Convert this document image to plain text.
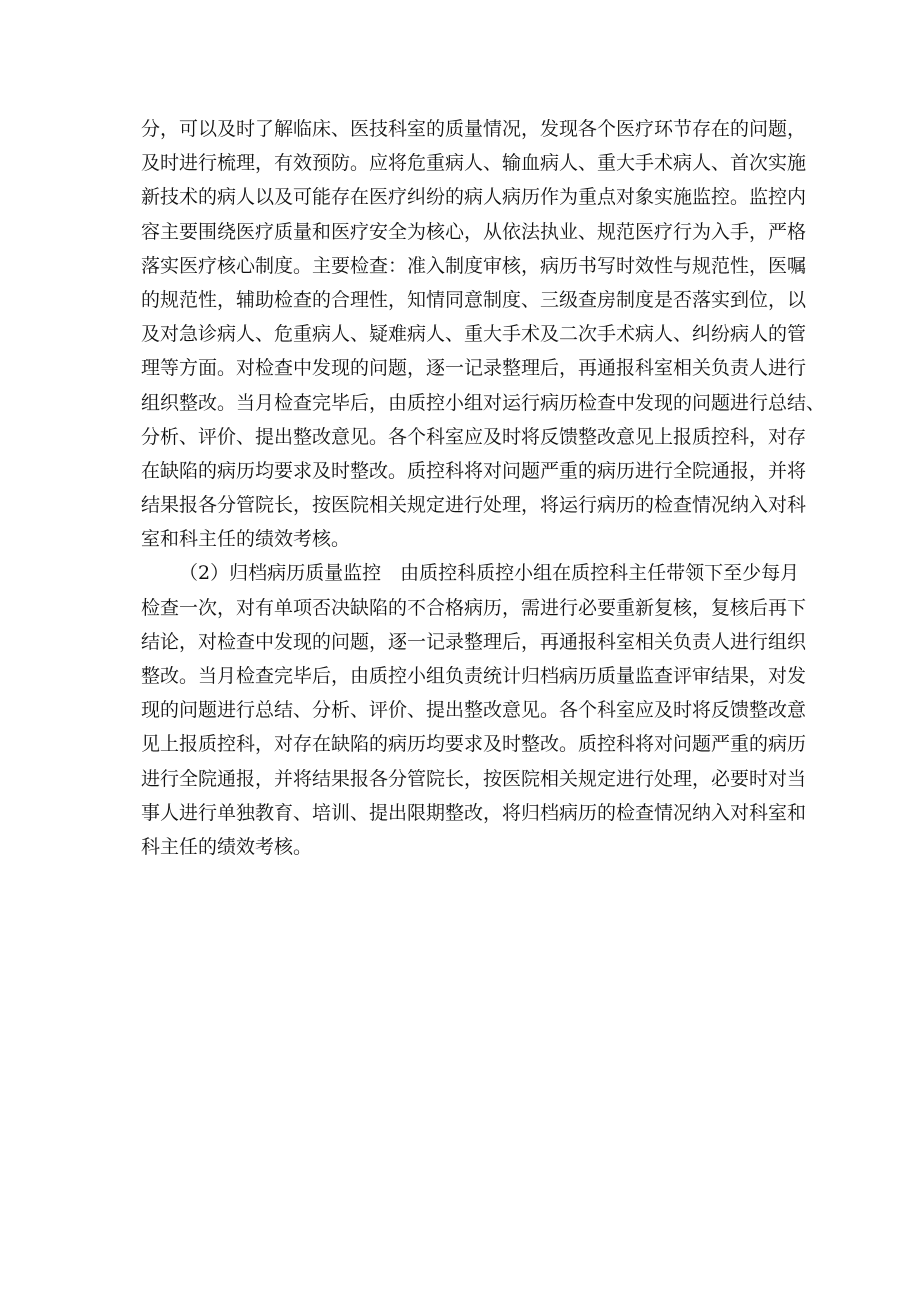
分，可以及时了解临床、医技科室的质量情况，发现各个医疗环节存在的问题，
及时进行梳理，有效预防。应将危重病人、输血病人、重大手术病人、首次实施
新技术的病人以及可能存在医疗纠纷的病人病历作为重点对象实施监控。监控内
容主要围绕医疗质量和医疗安全为核心，从依法执业、规范医疗行为入手，严格
落实医疗核心制度。主要检查：准入制度审核，病历书写时效性与规范性，医嘱
的规范性，辅助检查的合理性，知情同意制度、三级查房制度是否落实到位，以
及对急诊病人、危重病人、疑难病人、重大手术及二次手术病人、纠纷病人的管
理等方面。对检查中发现的问题，逐一记录整理后，再通报科室相关负责人进行
组织整改。当月检查完毕后，由质控小组对运行病历检查中发现的问题进行总结、
分析、评价、提出整改意见。各个科室应及时将反馈整改意见上报质控科，对存
在缺陷的病历均要求及时整改。质控科将对问题严重的病历进行全院通报，并将
结果报各分管院长，按医院相关规定进行处理，将运行病历的检查情况纳入对科
室和科主任的绩效考核。
（2）归档病历质量监控　由质控科质控小组在质控科主任带领下至少每月
检查一次，对有单项否决缺陷的不合格病历，需进行必要重新复核，复核后再下
结论，对检查中发现的问题，逐一记录整理后，再通报科室相关负责人进行组织
整改。当月检查完毕后，由质控小组负责统计归档病历质量监查评审结果，对发
现的问题进行总结、分析、评价、提出整改意见。各个科室应及时将反馈整改意
见上报质控科，对存在缺陷的病历均要求及时整改。质控科将对问题严重的病历
进行全院通报，并将结果报各分管院长，按医院相关规定进行处理，必要时对当
事人进行单独教育、培训、提出限期整改，将归档病历的检查情况纳入对科室和
科主任的绩效考核。
